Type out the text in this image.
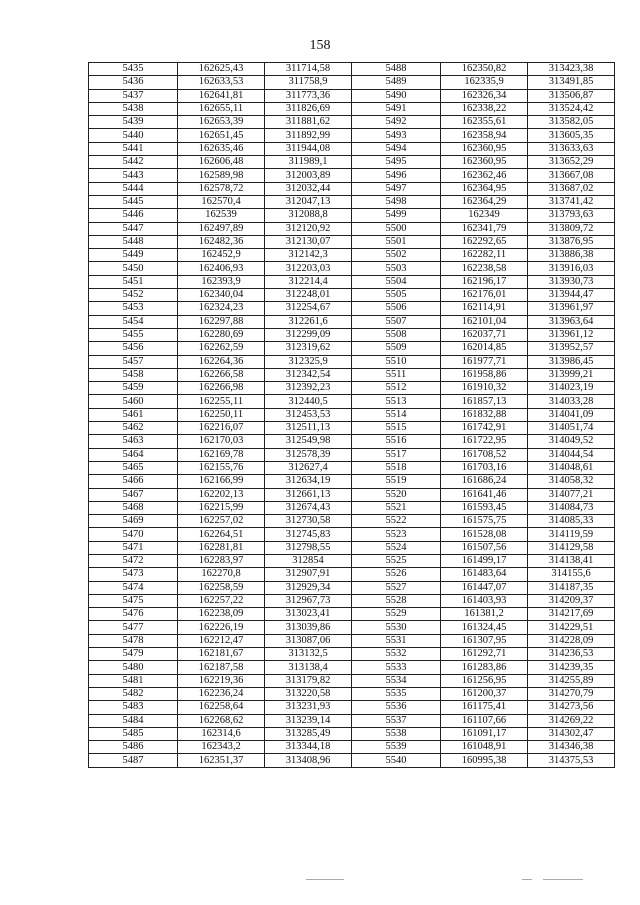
158
5435	162625,43	311714,58	5488	162350,82	313423,38
5436	162633,53	311758,9	5489	162335,9	313491,85
5437	162641,81	311773,36	5490	162326,34	313506,87
5438	162655,11	311826,69	5491	162338,22	313524,42
5439	162653,39	311881,62	5492	162355,61	313582,05
5440	162651,45	311892,99	5493	162358,94	313605,35
5441	162635,46	311944,08	5494	162360,95	313633,63
5442	162606,48	311989,1	5495	162360,95	313652,29
5443	162589,98	312003,89	5496	162362,46	313667,08
5444	162578,72	312032,44	5497	162364,95	313687,02
5445	162570,4	312047,13	5498	162364,29	313741,42
5446	162539	312088,8	5499	162349	313793,63
5447	162497,89	312120,92	5500	162341,79	313809,72
5448	162482,36	312130,07	5501	162292,65	313876,95
5449	162452,9	312142,3	5502	162282,11	313886,38
5450	162406,93	312203,03	5503	162238,58	313916,03
5451	162393,9	312214,4	5504	162196,17	313930,73
5452	162340,04	312248,01	5505	162176,01	313944,47
5453	162324,23	312254,67	5506	162114,91	313961,97
5454	162297,88	312261,6	5507	162101,04	313963,64
5455	162280,69	312299,09	5508	162037,71	313961,12
5456	162262,59	312319,62	5509	162014,85	313952,57
5457	162264,36	312325,9	5510	161977,71	313986,45
5458	162266,58	312342,54	5511	161958,86	313999,21
5459	162266,98	312392,23	5512	161910,32	314023,19
5460	162255,11	312440,5	5513	161857,13	314033,28
5461	162250,11	312453,53	5514	161832,88	314041,09
5462	162216,07	312511,13	5515	161742,91	314051,74
5463	162170,03	312549,98	5516	161722,95	314049,52
5464	162169,78	312578,39	5517	161708,52	314044,54
5465	162155,76	312627,4	5518	161703,16	314048,61
5466	162166,99	312634,19	5519	161686,24	314058,32
5467	162202,13	312661,13	5520	161641,46	314077,21
5468	162215,99	312674,43	5521	161593,45	314084,73
5469	162257,02	312730,58	5522	161575,75	314085,33
5470	162264,51	312745,83	5523	161528,08	314119,59
5471	162281,81	312798,55	5524	161507,56	314129,58
5472	162283,97	312854	5525	161499,17	314138,41
5473	162270,8	312907,91	5526	161483,64	314155,6
5474	162258,59	312929,34	5527	161447,07	314187,35
5475	162257,22	312967,73	5528	161403,93	314209,37
5476	162238,09	313023,41	5529	161381,2	314217,69
5477	162226,19	313039,86	5530	161324,45	314229,51
5478	162212,47	313087,06	5531	161307,95	314228,09
5479	162181,67	313132,5	5532	161292,71	314236,53
5480	162187,58	313138,4	5533	161283,86	314239,35
5481	162219,36	313179,82	5534	161256,95	314255,89
5482	162236,24	313220,58	5535	161200,37	314270,79
5483	162258,64	313231,93	5536	161175,41	314273,56
5484	162268,62	313239,14	5537	161107,66	314269,22
5485	162314,6	313285,49	5538	161091,17	314302,47
5486	162343,2	313344,18	5539	161048,91	314346,38
5487	162351,37	313408,96	5540	160995,38	314375,53
